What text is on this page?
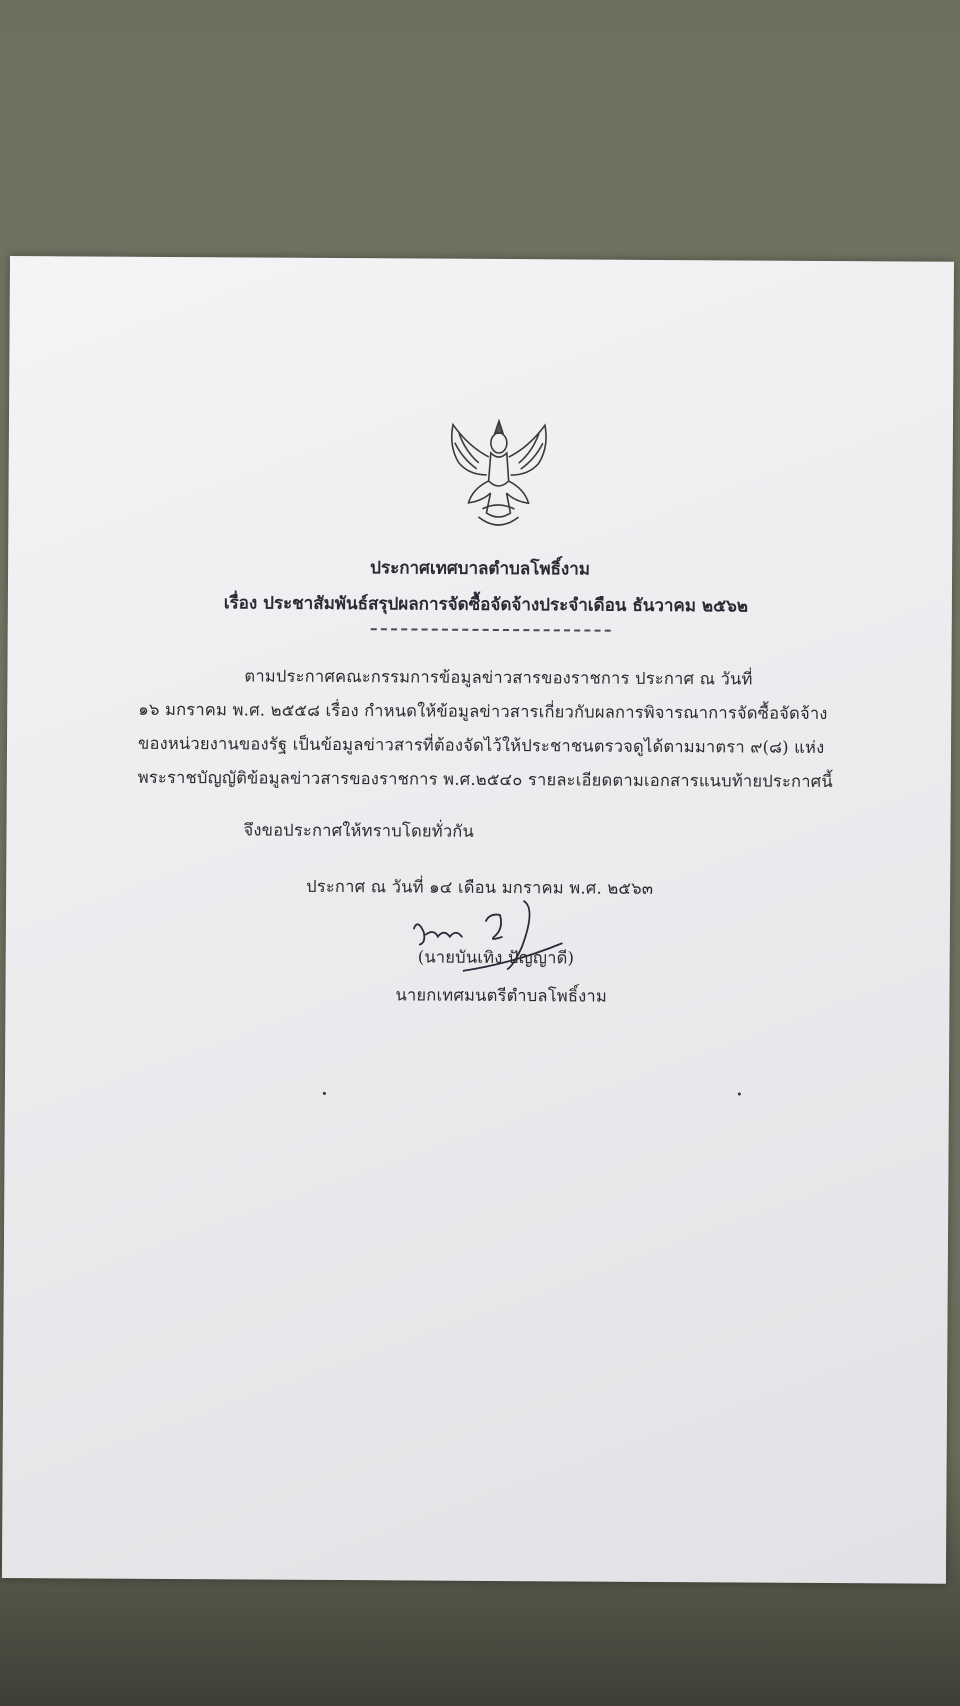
ประกาศเทศบาลตำบลโพธิ์งาม
เรื่อง ประชาสัมพันธ์สรุปผลการจัดซื้อจัดจ้างประจำเดือน ธันวาคม ๒๕๖๒
ตามประกาศคณะกรรมการข้อมูลข่าวสารของราชการ ประกาศ ณ วันที่
๑๖ มกราคม พ.ศ. ๒๕๕๘ เรื่อง กำหนดให้ข้อมูลข่าวสารเกี่ยวกับผลการพิจารณาการจัดซื้อจัดจ้าง
ของหน่วยงานของรัฐ เป็นข้อมูลข่าวสารที่ต้องจัดไว้ให้ประชาชนตรวจดูได้ตามมาตรา ๙(๘) แห่ง
พระราชบัญญัติข้อมูลข่าวสารของราชการ พ.ศ.๒๕๔๐ รายละเอียดตามเอกสารแนบท้ายประกาศนี้
จึงขอประกาศให้ทราบโดยทั่วกัน
ประกาศ ณ วันที่ ๑๔ เดือน มกราคม พ.ศ. ๒๕๖๓
(นายบันเทิง ปัญญาดี)
นายกเทศมนตรีตำบลโพธิ์งาม
